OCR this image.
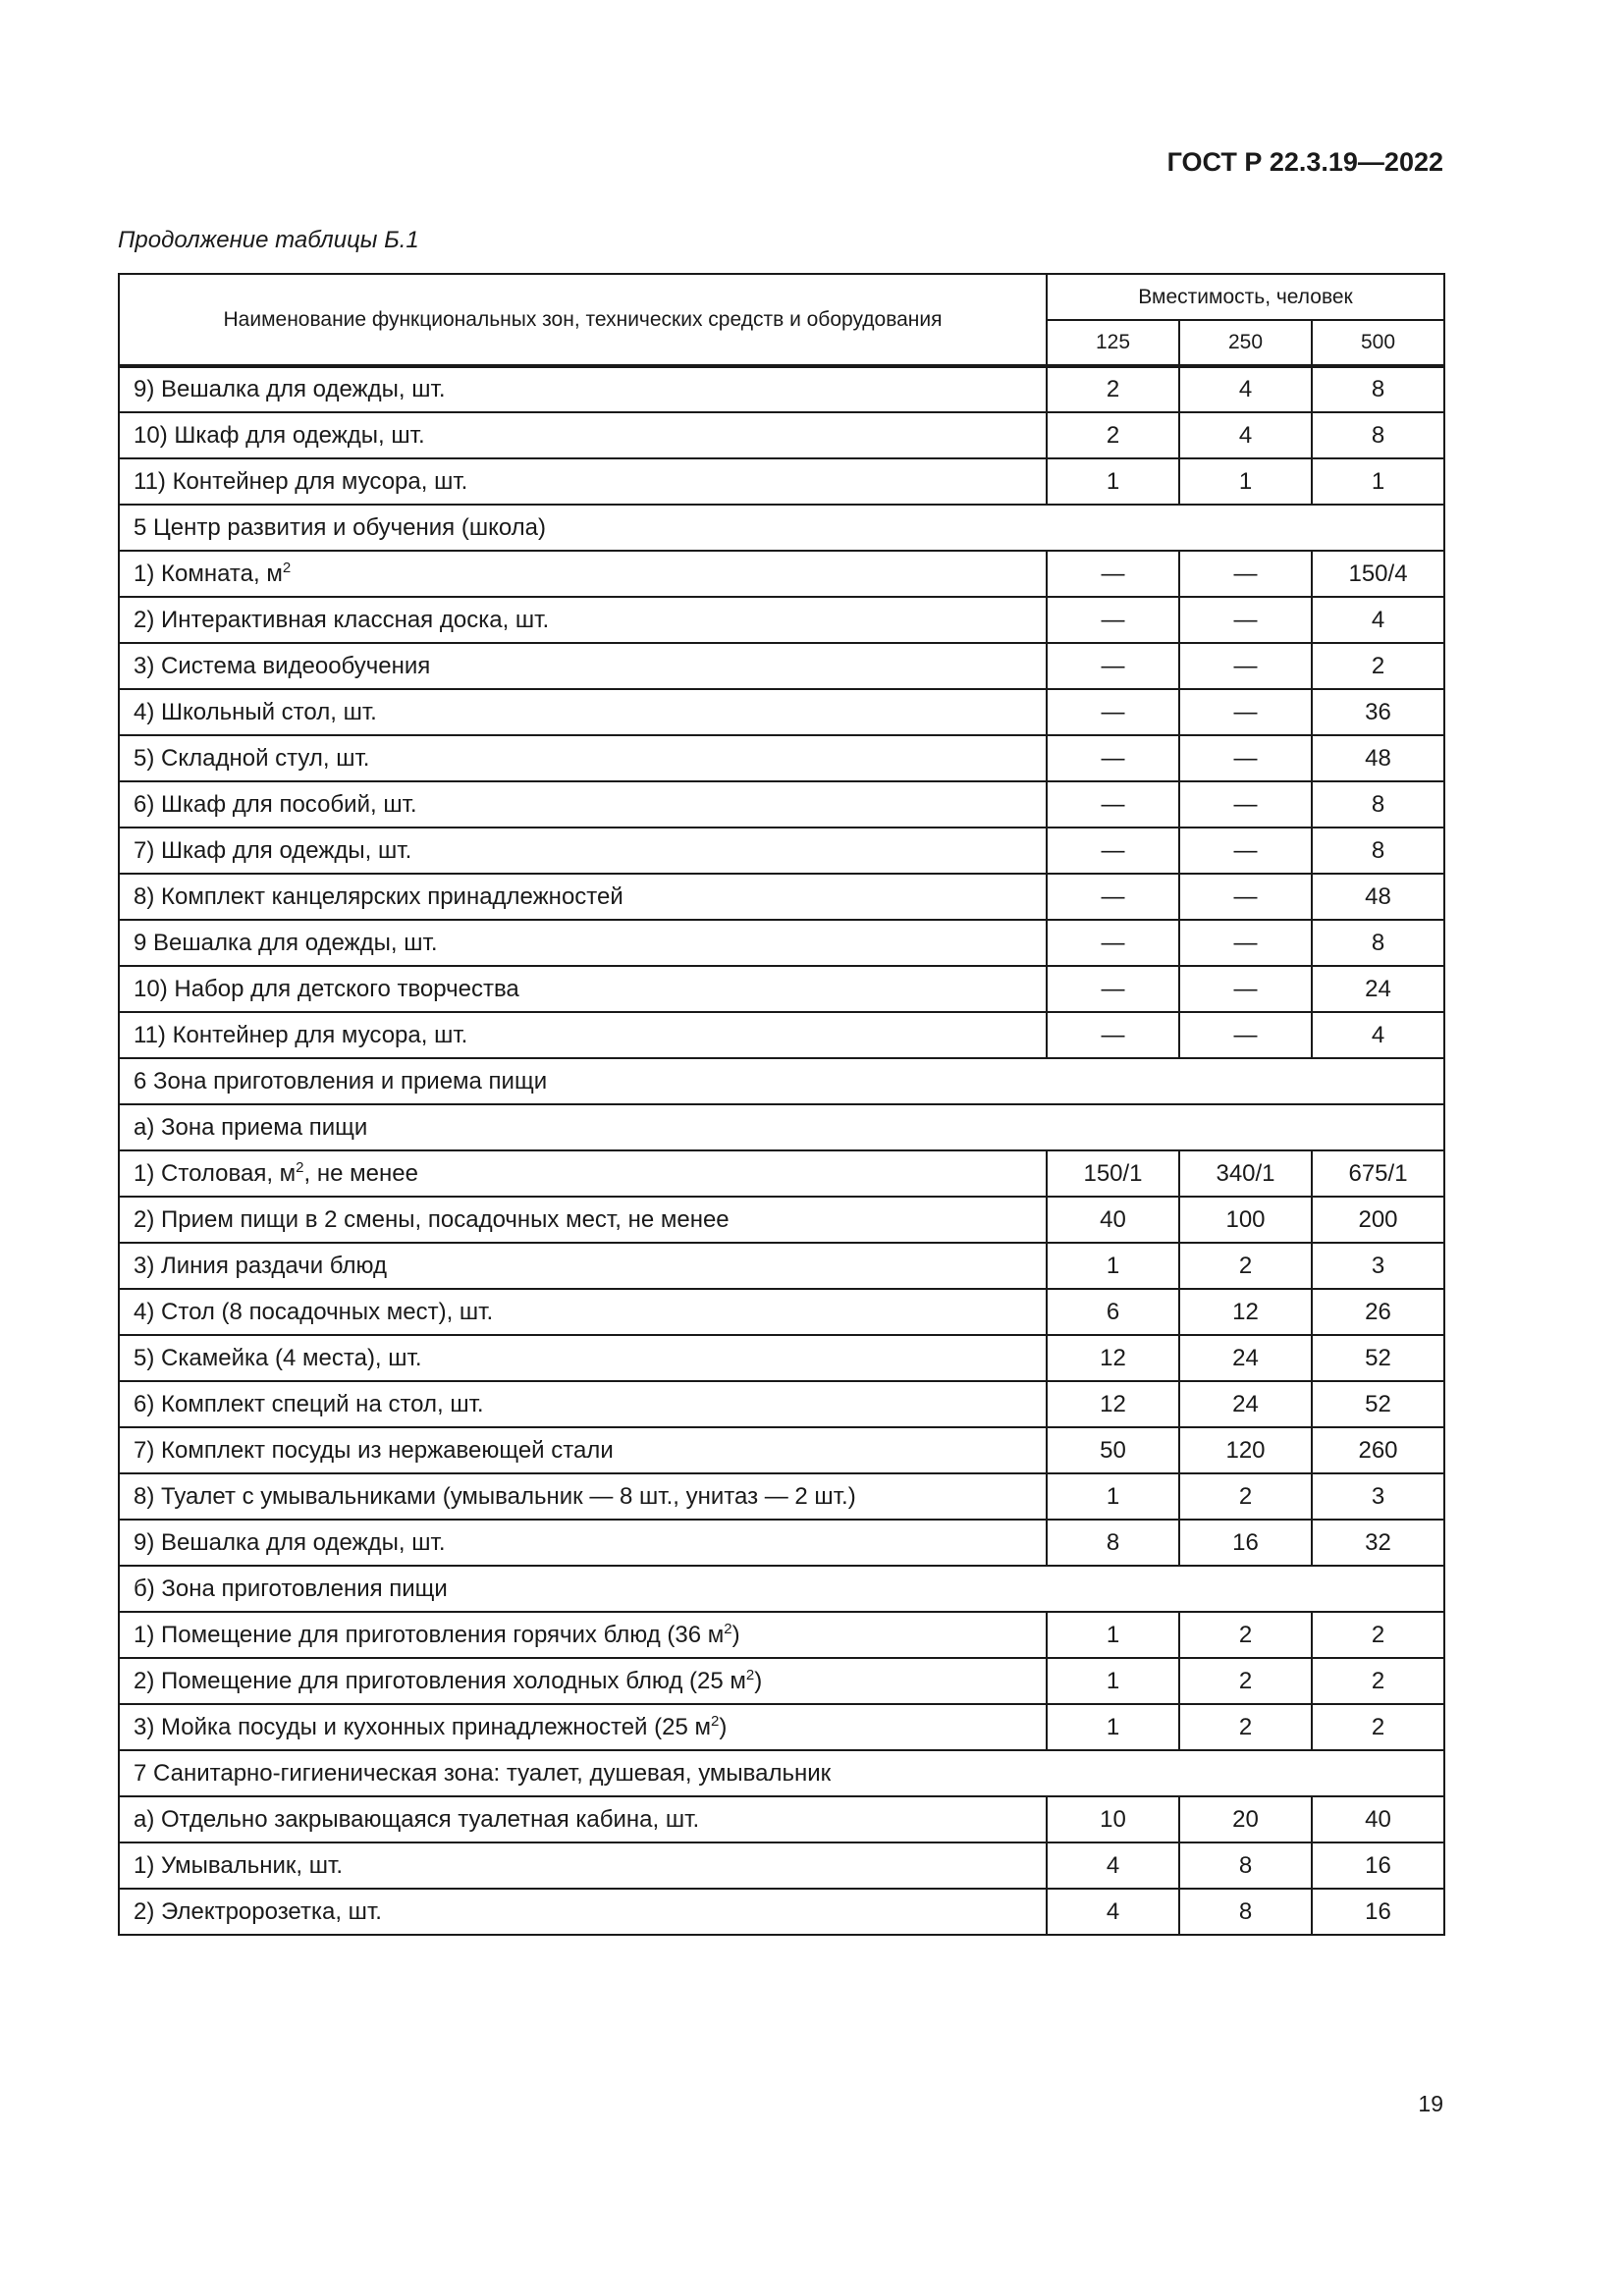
ГОСТ Р 22.3.19—2022
Продолжение таблицы Б.1
Наименование функциональных зон, технических средств и оборудования	Вместимость, человек		
	125	250	500
9) Вешалка для одежды, шт.	2	4	8
10) Шкаф для одежды, шт.	2	4	8
11) Контейнер для мусора, шт.	1	1	1
5 Центр развития и обучения (школа)			
1) Комната, $м^2$	—	—	150/4
2) Интерактивная классная доска, шт.	—	—	4
3) Система видеообучения	—	—	2
4) Школьный стол, шт.	—	—	36
5) Складной стул, шт.	—	—	48
6) Шкаф для пособий, шт.	—	—	8
7) Шкаф для одежды, шт.	—	—	8
8) Комплект канцелярских принадлежностей	—	—	48
9 Вешалка для одежды, шт.	—	—	8
10) Набор для детского творчества	—	—	24
11) Контейнер для мусора, шт.	—	—	4
6 Зона приготовления и приема пищи			
а) Зона приема пищи			
1) Столовая, $м^2$, не менее	150/1	340/1	675/1
2) Прием пищи в 2 смены, посадочных мест, не менее	40	100	200
3) Линия раздачи блюд	1	2	3
4) Стол (8 посадочных мест), шт.	6	12	26
5) Скамейка (4 места), шт.	12	24	52
6) Комплект специй на стол, шт.	12	24	52
7) Комплект посуды из нержавеющей стали	50	120	260
8) Туалет с умывальниками (умывальник — 8 шт., унитаз — 2 шт.)	1	2	3
9) Вешалка для одежды, шт.	8	16	32
б) Зона приготовления пищи			
1) Помещение для приготовления горячих блюд (36 $м^2$)	1	2	2
2) Помещение для приготовления холодных блюд (25 $м^2$)	1	2	2
3) Мойка посуды и кухонных принадлежностей (25 $м^2$)	1	2	2
7 Санитарно-гигиеническая зона: туалет, душевая, умывальник			
а) Отдельно закрывающаяся туалетная кабина, шт.	10	20	40
1) Умывальник, шт.	4	8	16
2) Электророзетка, шт.	4	8	16
19
